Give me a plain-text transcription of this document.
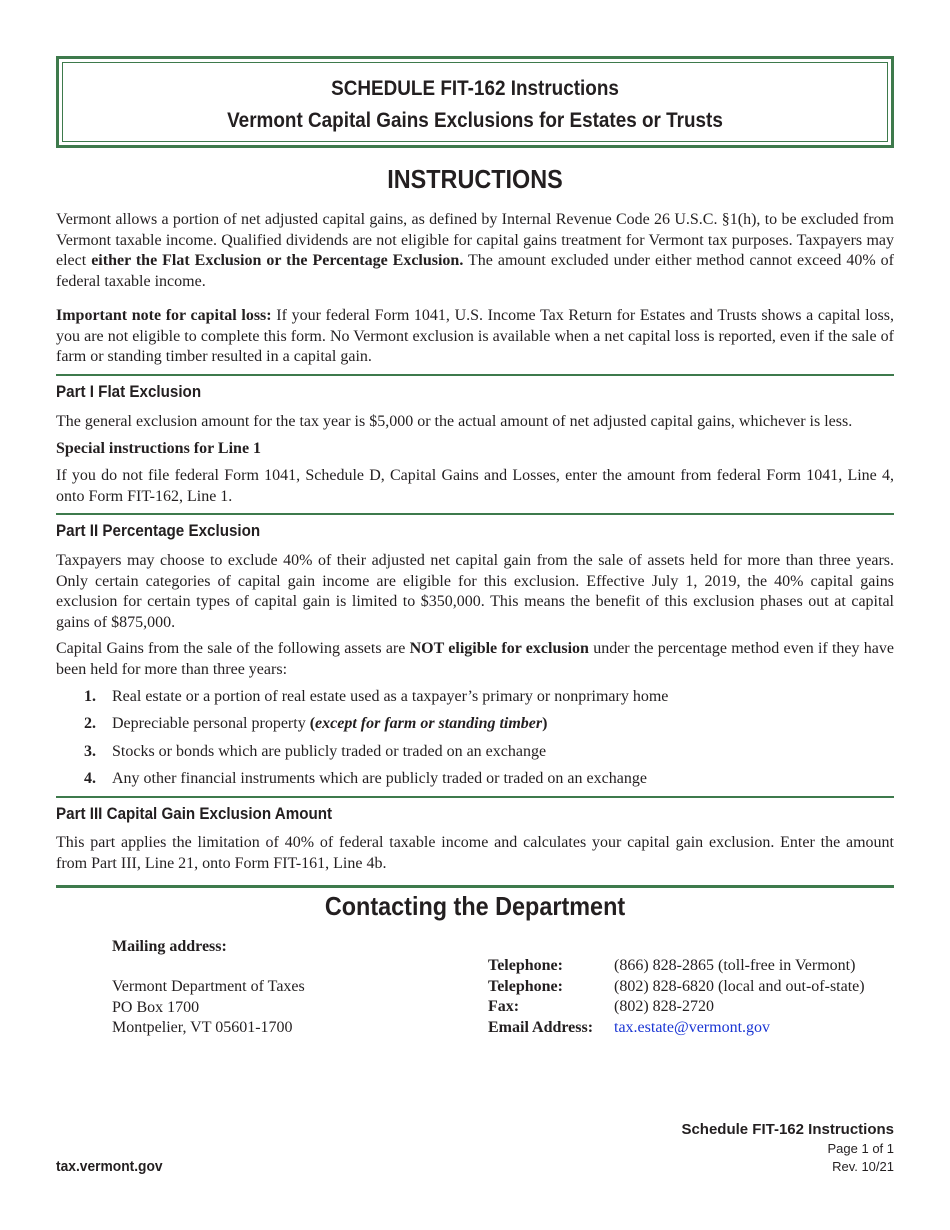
SCHEDULE FIT-162 Instructions
Vermont Capital Gains Exclusions for Estates or Trusts
INSTRUCTIONS

Vermont allows a portion of net adjusted capital gains, as defined by Internal Revenue Code 26 U.S.C. §1(h), to be excluded from Vermont taxable income. Qualified dividends are not eligible for capital gains treatment for Vermont tax purposes. Taxpayers may elect either the Flat Exclusion or the Percentage Exclusion. The amount excluded under either method cannot exceed 40% of federal taxable income.

Important note for capital loss: If your federal Form 1041, U.S. Income Tax Return for Estates and Trusts shows a capital loss, you are not eligible to complete this form. No Vermont exclusion is available when a net capital loss is reported, even if the sale of farm or standing timber resulted in a capital gain.

Part I Flat Exclusion

The general exclusion amount for the tax year is $5,000 or the actual amount of net adjusted capital gains, whichever is less.

Special instructions for Line 1

If you do not file federal Form 1041, Schedule D, Capital Gains and Losses, enter the amount from federal Form 1041, Line 4, onto Form FIT-162, Line 1.

Part II Percentage Exclusion

Taxpayers may choose to exclude 40% of their adjusted net capital gain from the sale of assets held for more than three years. Only certain categories of capital gain income are eligible for this exclusion. Effective July 1, 2019, the 40% capital gains exclusion for certain types of capital gain is limited to $350,000. This means the benefit of this exclusion phases out at capital gains of $875,000.

Capital Gains from the sale of the following assets are NOT eligible for exclusion under the percentage method even if they have been held for more than three years:

1. Real estate or a portion of real estate used as a taxpayer’s primary or nonprimary home
2. Depreciable personal property (except for farm or standing timber)
3. Stocks or bonds which are publicly traded or traded on an exchange
4. Any other financial instruments which are publicly traded or traded on an exchange
Part III Capital Gain Exclusion Amount

This part applies the limitation of 40% of federal taxable income and calculates your capital gain exclusion. Enter the amount from Part III, Line 21, onto Form FIT-161, Line 4b.

Contacting the Department
Mailing address:
Vermont Department of Taxes
PO Box 1700
Montpelier, VT 05601-1700
Telephone:	(866) 828-2865 (toll-free in Vermont)
Telephone:	(802) 828-6820 (local and out-of-state)
Fax:	(802) 828-2720
Email Address: tax.estate@vermont.gov
Schedule FIT-162 Instructions
Page 1 of 1
Rev. 10/21
tax.vermont.gov
